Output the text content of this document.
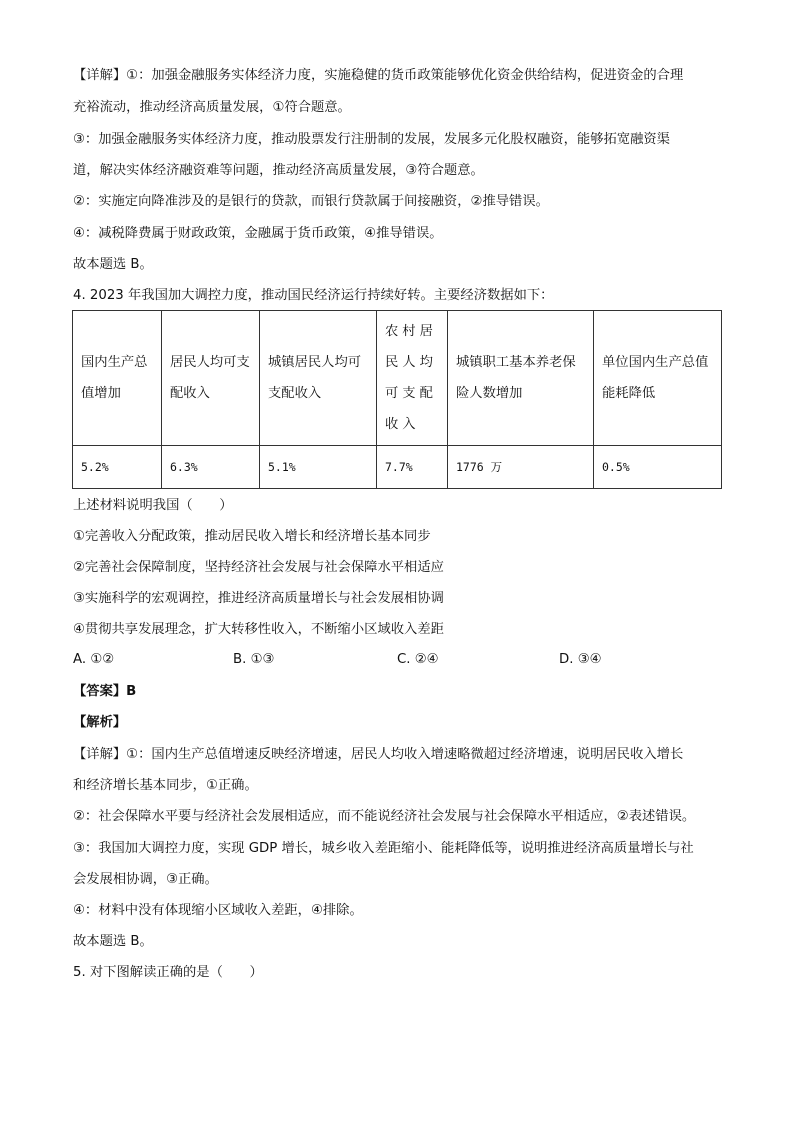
【详解】①：加强金融服务实体经济力度，实施稳健的货币政策能够优化资金供给结构，促进资金的合理
充裕流动，推动经济高质量发展，①符合题意。
③：加强金融服务实体经济力度，推动股票发行注册制的发展，发展多元化股权融资，能够拓宽融资渠
道，解决实体经济融资难等问题，推动经济高质量发展，③符合题意。
②：实施定向降准涉及的是银行的贷款，而银行贷款属于间接融资，②推导错误。
④：减税降费属于财政政策，金融属于货币政策，④推导错误。
故本题选 B。
4. 2023 年我国加大调控力度，推动国民经济运行持续好转。主要经济数据如下：
国内生产总值增加	居民人均可支配收入	城镇居民人均可支配收入	农村居民人均可支配收入	城镇职工基本养老保险人数增加	单位国内生产总值能耗降低
5.2%	6.3%	5.1%	7.7%	1776 万	0.5%
上述材料说明我国（　　）
①完善收入分配政策，推动居民收入增长和经济增长基本同步
②完善社会保障制度，坚持经济社会发展与社会保障水平相适应
③实施科学的宏观调控，推进经济高质量增长与社会发展相协调
④贯彻共享发展理念，扩大转移性收入，不断缩小区域收入差距
A. ①②	B. ①③	C. ②④	D. ③④
【答案】B
【解析】
【详解】①：国内生产总值增速反映经济增速，居民人均收入增速略微超过经济增速，说明居民收入增长
和经济增长基本同步，①正确。
②：社会保障水平要与经济社会发展相适应，而不能说经济社会发展与社会保障水平相适应，②表述错误。
③：我国加大调控力度，实现 GDP 增长，城乡收入差距缩小、能耗降低等，说明推进经济高质量增长与社
会发展相协调，③正确。
④：材料中没有体现缩小区域收入差距，④排除。
故本题选 B。
5. 对下图解读正确的是（　　）
